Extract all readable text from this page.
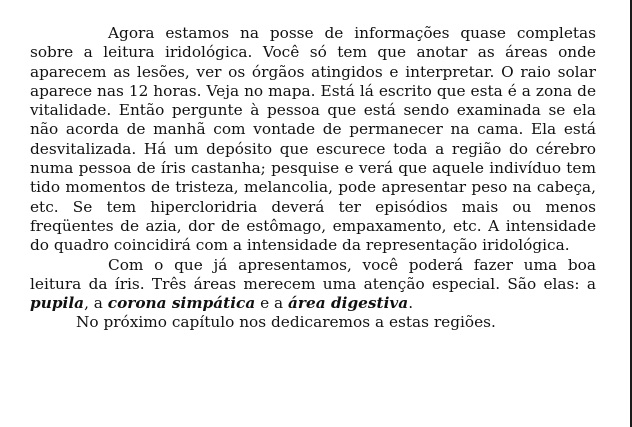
Agora estamos na posse de informações quase completas sobre a leitura iridológica. Você só tem que anotar as áreas onde aparecem as lesões, ver os órgãos atingidos e interpretar. O raio solar aparece nas 12 horas. Veja no mapa. Está lá escrito que esta é a zona de vitalidade. Então pergunte à pessoa que está sendo examinada se ela não acorda de manhã com vontade de permanecer na cama. Ela está desvitalizada. Há um depósito que escurece toda a região do cérebro numa pessoa de íris castanha; pesquise e verá que aquele indivíduo tem tido momentos de tristeza, melancolia, pode apresentar peso na cabeça, etc. Se tem hipercloridria deverá ter episódios mais ou menos freqüentes de azia, dor de estômago, empaxamento, etc. A intensidade do quadro coincidirá com a intensidade da representação iridológica.

Com o que já apresentamos, você poderá fazer uma boa leitura da íris. Três áreas merecem uma atenção especial. São elas: a pupila, a corona simpática e a área digestiva.

No próximo capítulo nos dedicaremos a estas regiões.
